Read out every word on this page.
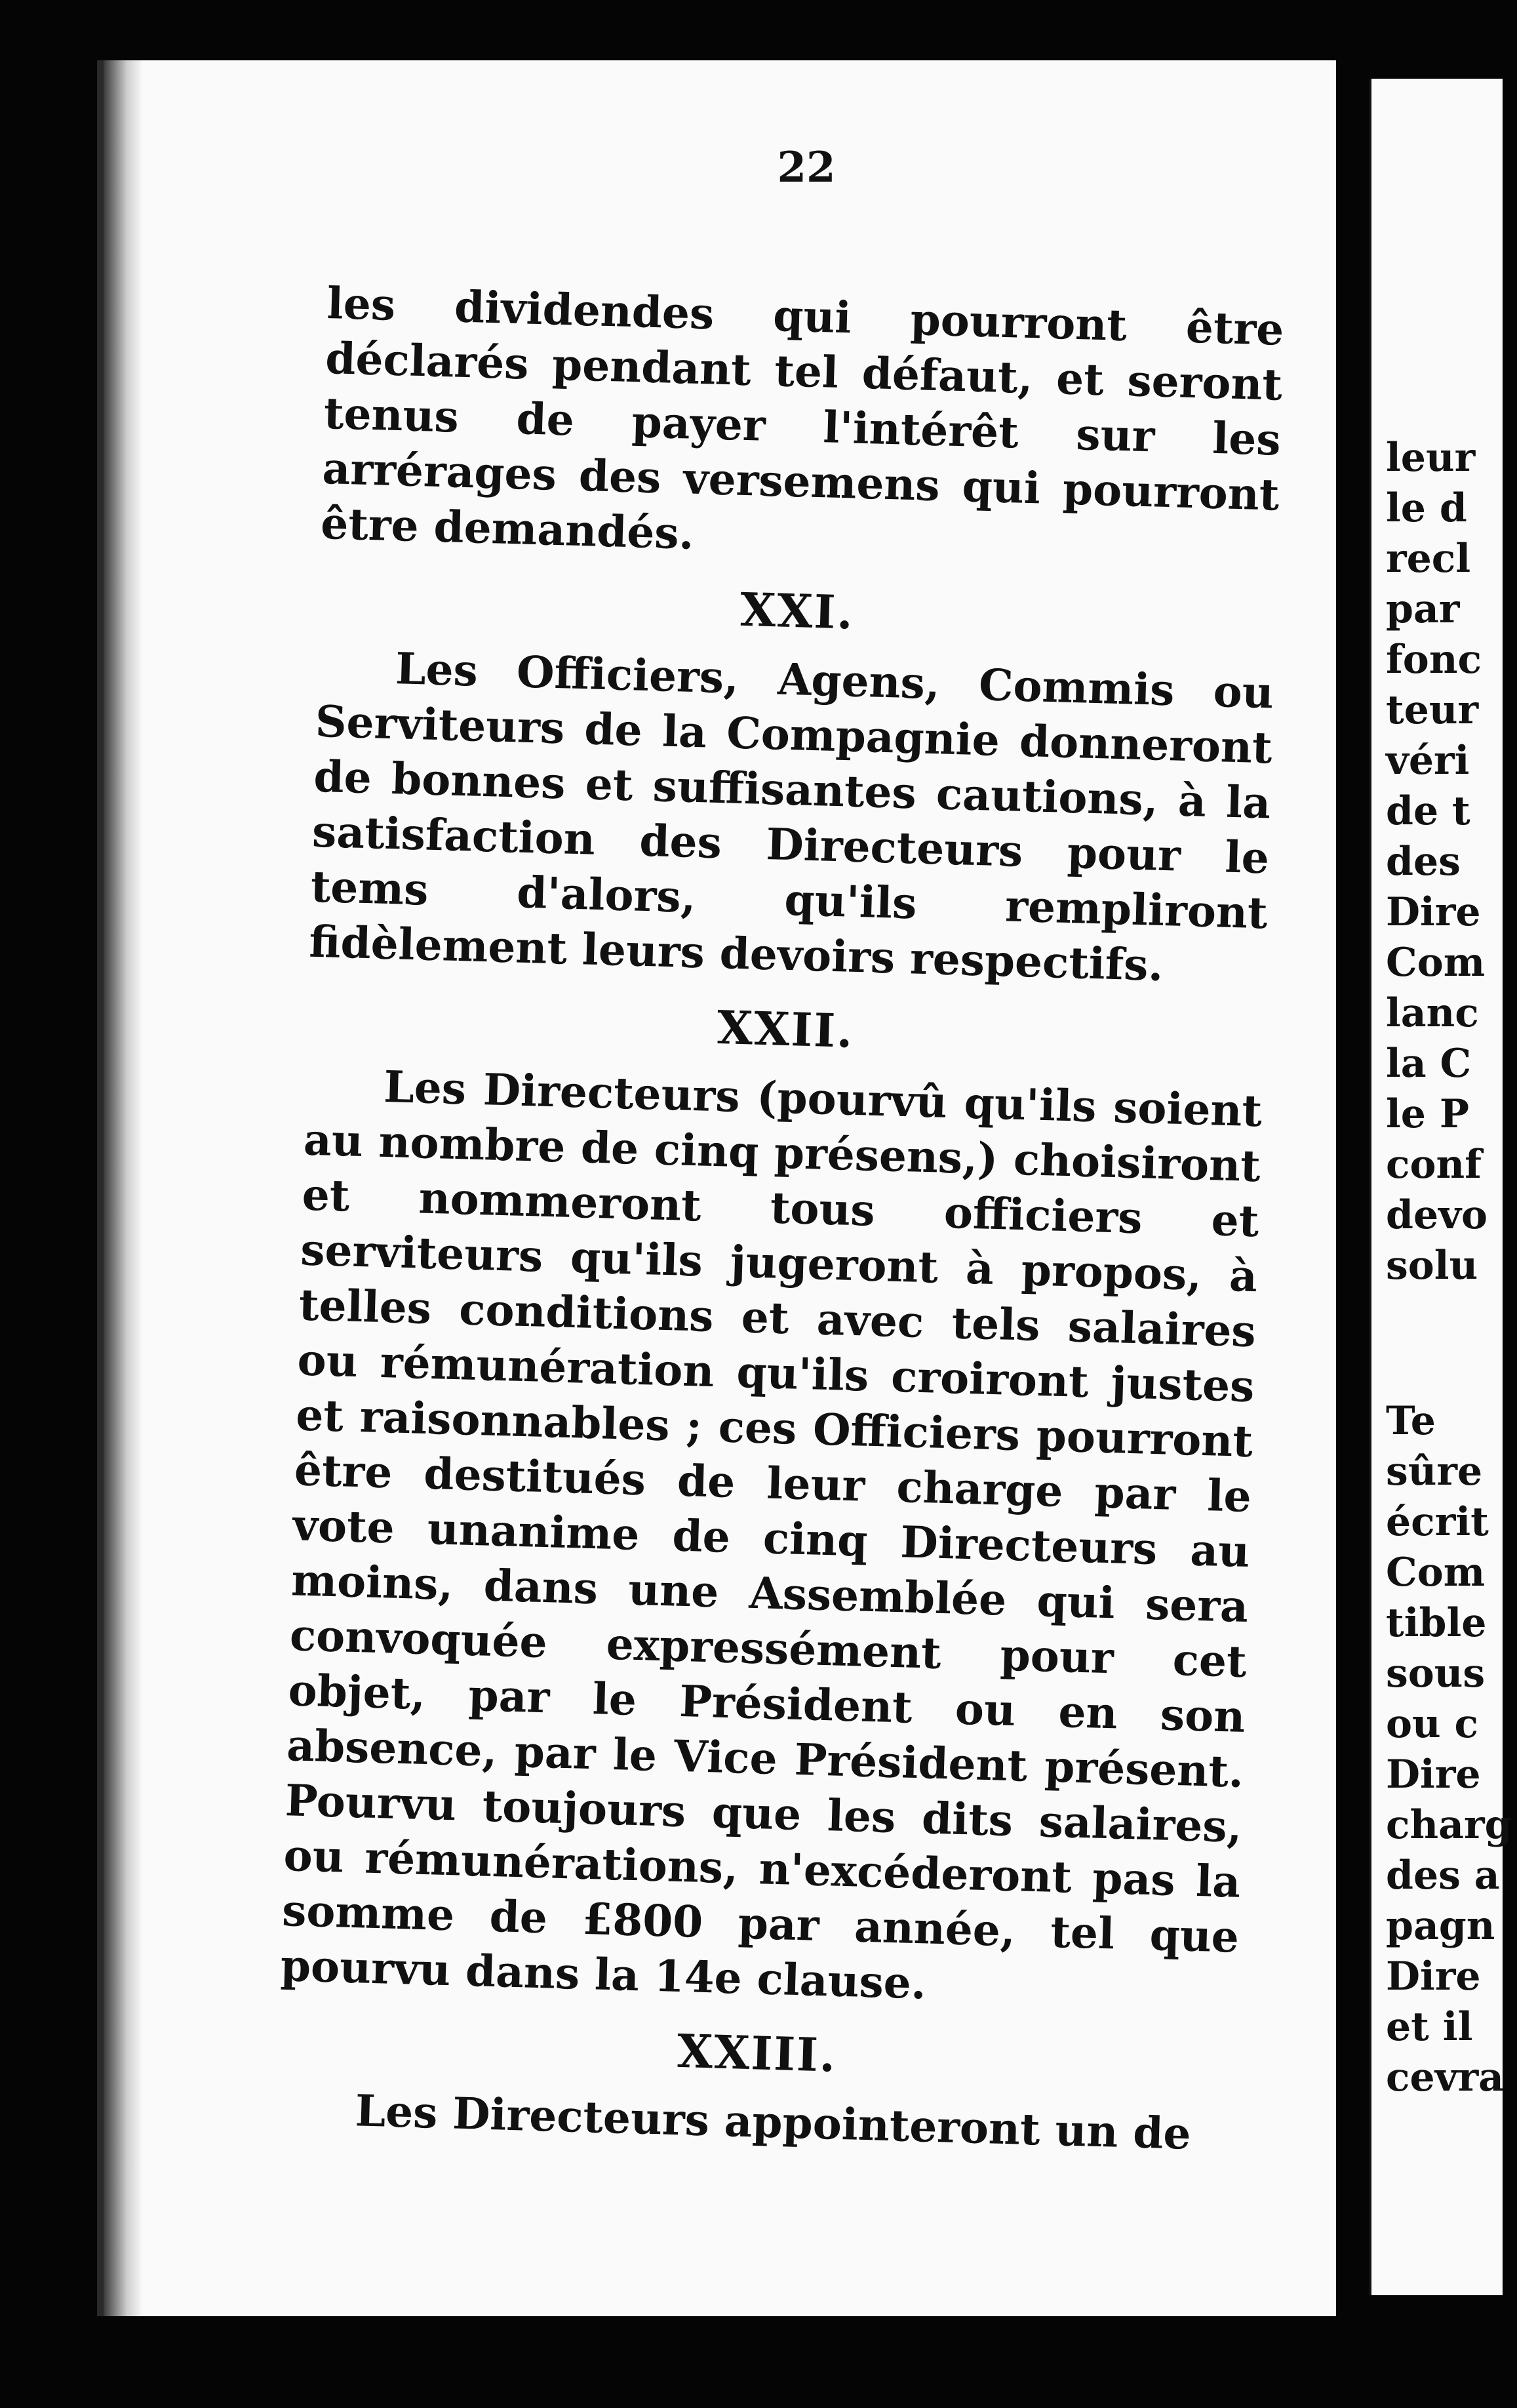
22

les dividendes qui pourront être déclarés pendant tel défaut, et seront tenus de payer l'intérêt sur les arrérages des versemens qui pourront être demandés.

XXI.

Les Officiers, Agens, Commis ou Serviteurs de la Compagnie donneront de bonnes et suffisantes cautions, à la satisfaction des Directeurs pour le tems d'alors, qu'ils rempliront fidèlement leurs devoirs respectifs.

XXII.

Les Directeurs (pourvû qu'ils soient au nombre de cinq présens,) choisiront et nommeront tous officiers et serviteurs qu'ils jugeront à propos, à telles conditions et avec tels salaires ou rémunération qu'ils croiront justes et raisonnables ; ces Officiers pourront être destitués de leur charge par le vote unanime de cinq Directeurs au moins, dans une Assemblée qui sera convoquée expressément pour cet objet, par le Président ou en son absence, par le Vice Président présent. Pourvu toujours que les dits salaires, ou rémunérations, n'excéderont pas la somme de £800 par année, tel que pourvu dans la 14e clause.

XXIII.

Les Directeurs appointeront un de

leur
le d
recl
par
fonc
teur
véri
de t
des
Dire
Com
lanc
la C
le P
conf
devo
solu
Te
sûre
écrit
Com
tible
sous
ou c
Dire
charg
des a
pagn
Dire
et il
cevra
